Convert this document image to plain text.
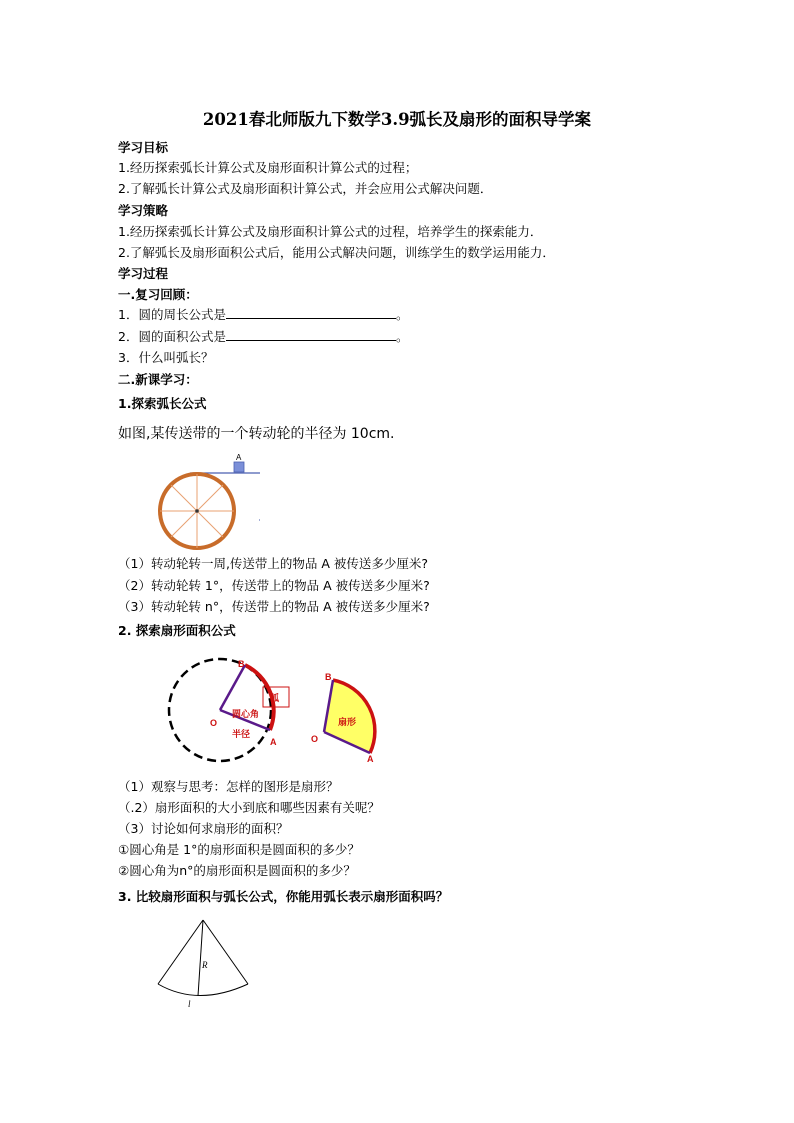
2021春北师版九下数学3.9弧长及扇形的面积导学案
学习目标
1.经历探索弧长计算公式及扇形面积计算公式的过程；
2.了解弧长计算公式及扇形面积计算公式，并会应用公式解决问题．
学习策略
1.经历探索弧长计算公式及扇形面积计算公式的过程，培养学生的探索能力．
2.了解弧长及扇形面积公式后，能用公式解决问题，训练学生的数学运用能力．
学习过程
一.复习回顾：
1．圆的周长公式是	。
2．圆的面积公式是	。
3．什么叫弧长？
二.新课学习：
1.探索弧长公式
如图,某传送带的一个转动轮的半径为 10cm.
A
（1）转动轮转一周,传送带上的物品 A 被传送多少厘米?
（2）转动轮转 1°，传送带上的物品 A 被传送多少厘米?
（3）转动轮转 n°，传送带上的物品 A 被传送多少厘米?
2. 探索扇形面积公式
弧
B
O
A
圆心角
半径
B
O
A
扇形
（1）观察与思考：怎样的图形是扇形？
（.2）扇形面积的大小到底和哪些因素有关呢？
（3）讨论如何求扇形的面积？
①圆心角是 1°的扇形面积是圆面积的多少？
②圆心角为n°的扇形面积是圆面积的多少？
3. 比较扇形面积与弧长公式，你能用弧长表示扇形面积吗？
R
l
